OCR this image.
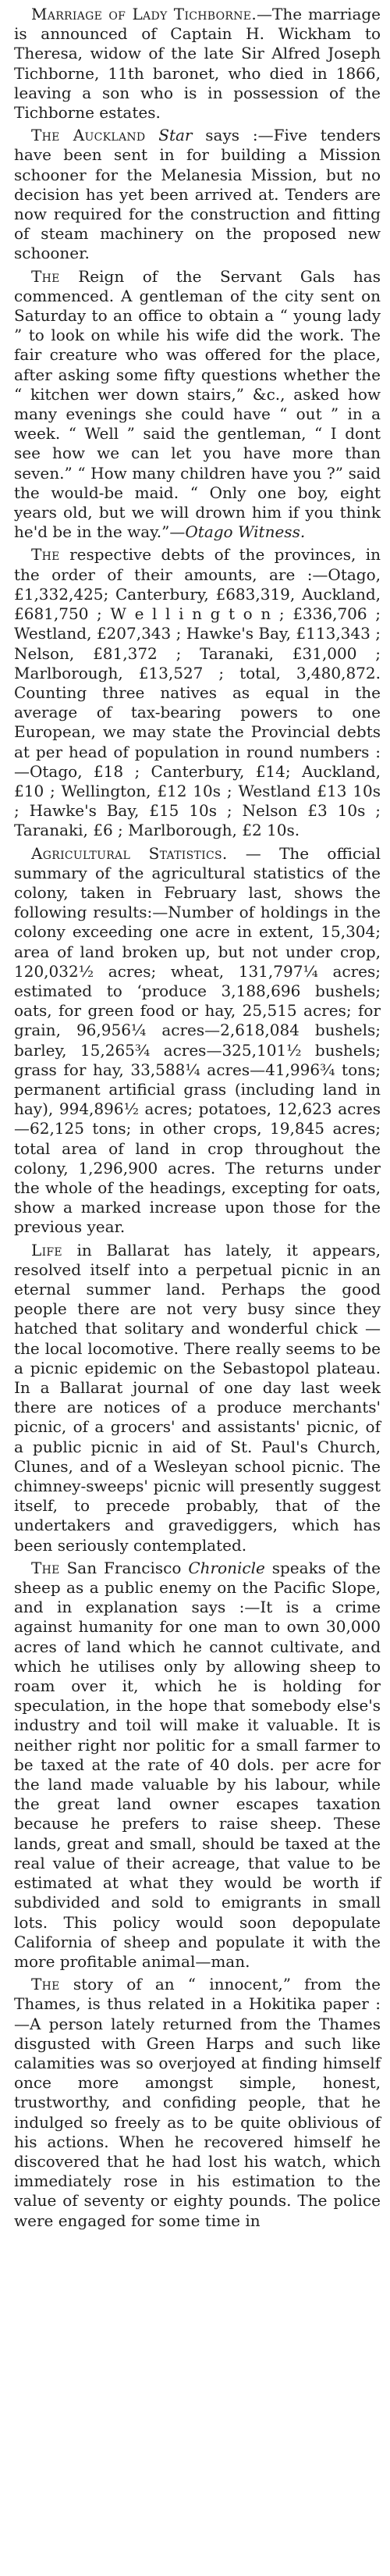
Marriage of Lady Tichborne.—The marriage is announced of Captain H. Wickham to Theresa, widow of the late Sir Alfred Joseph Tichborne, 11th baronet, who died in 1866, leaving a son who is in possession of the Tichborne estates.

The Auckland Star says :—Five tenders have been sent in for building a Mission schooner for the Melanesia Mission, but no decision has yet been arrived at. Tenders are now required for the construction and fitting of steam machinery on the proposed new schooner.

The Reign of the Servant Gals has commenced. A gentleman of the city sent on Saturday to an office to obtain a “ young lady ” to look on while his wife did the work. The fair creature who was offered for the place, after asking some fifty questions whether the “ kitchen wer down stairs,” &c., asked how many evenings she could have “ out ” in a week. “ Well ” said the gentleman, “ I dont see how we can let you have more than seven.” “ How many children have you ?” said the would-be maid. “ Only one boy, eight years old, but we will drown him if you think he'd be in the way.”—Otago Witness.

The respective debts of the provinces, in the order of their amounts, are :—Otago, £1,332,425; Canterbury, £683,319, Auckland, £681,750 ; W e l l i n g t o n ; £336,706 ; Westland, £207,343 ; Hawke's Bay, £113,343 ; Nelson, £81,372 ; Taranaki, £31,000 ; Marlborough, £13,527 ; total, 3,480,872. Counting three natives as equal in the average of tax-bearing powers to one European, we may state the Provincial debts at per head of population in round numbers :—Otago, £18 ; Canterbury, £14; Auckland, £10 ; Wellington, £12 10s ; Westland £13 10s ; Hawke's Bay, £15 10s ; Nelson £3 10s ; Taranaki, £6 ; Marlborough, £2 10s.

Agricultural Statistics. — The official summary of the agricultural statistics of the colony, taken in February last, shows the following results:—Number of holdings in the colony exceeding one acre in extent, 15,304; area of land broken up, but not under crop, 120,032½ acres; wheat, 131,797¼ acres; estimated to ‘produce 3,188,696 bushels; oats, for green food or hay, 25,515 acres; for grain, 96,956¼ acres—2,618,084 bushels; barley, 15,265¾ acres—325,101½ bushels; grass for hay, 33,588¼ acres—41,996¾ tons; permanent artificial grass (including land in hay), 994,896½ acres; potatoes, 12,623 acres—62,125 tons; in other crops, 19,845 acres; total area of land in crop throughout the colony, 1,296,900 acres. The returns under the whole of the headings, excepting for oats, show a marked increase upon those for the previous year.

Life in Ballarat has lately, it appears, resolved itself into a perpetual picnic in an eternal summer land. Perhaps the good people there are not very busy since they hatched that solitary and wonderful chick —the local locomotive. There really seems to be a picnic epidemic on the Sebastopol plateau. In a Ballarat journal of one day last week there are notices of a produce merchants' picnic, of a grocers' and assistants' picnic, of a public picnic in aid of St. Paul's Church, Clunes, and of a Wesleyan school picnic. The chimney-sweeps' picnic will presently suggest itself, to precede probably, that of the undertakers and gravediggers, which has been seriously contemplated.

The San Francisco Chronicle speaks of the sheep as a public enemy on the Pacific Slope, and in explanation says :—It is a crime against humanity for one man to own 30,000 acres of land which he cannot cultivate, and which he utilises only by allowing sheep to roam over it, which he is holding for speculation, in the hope that somebody else's industry and toil will make it valuable. It is neither right nor politic for a small farmer to be taxed at the rate of 40 dols. per acre for the land made valuable by his labour, while the great land owner escapes taxation because he prefers to raise sheep. These lands, great and small, should be taxed at the real value of their acreage, that value to be estimated at what they would be worth if subdivided and sold to emigrants in small lots. This policy would soon depopulate California of sheep and populate it with the more profitable animal—man.

The story of an “ innocent,” from the Thames, is thus related in a Hokitika paper :—A person lately returned from the Thames disgusted with Green Harps and such like calamities was so overjoyed at finding himself once more amongst simple, honest, trustworthy, and confiding people, that he indulged so freely as to be quite oblivious of his actions. When he recovered himself he discovered that he had lost his watch, which immediately rose in his estimation to the value of seventy or eighty pounds. The police were engaged for some time in
